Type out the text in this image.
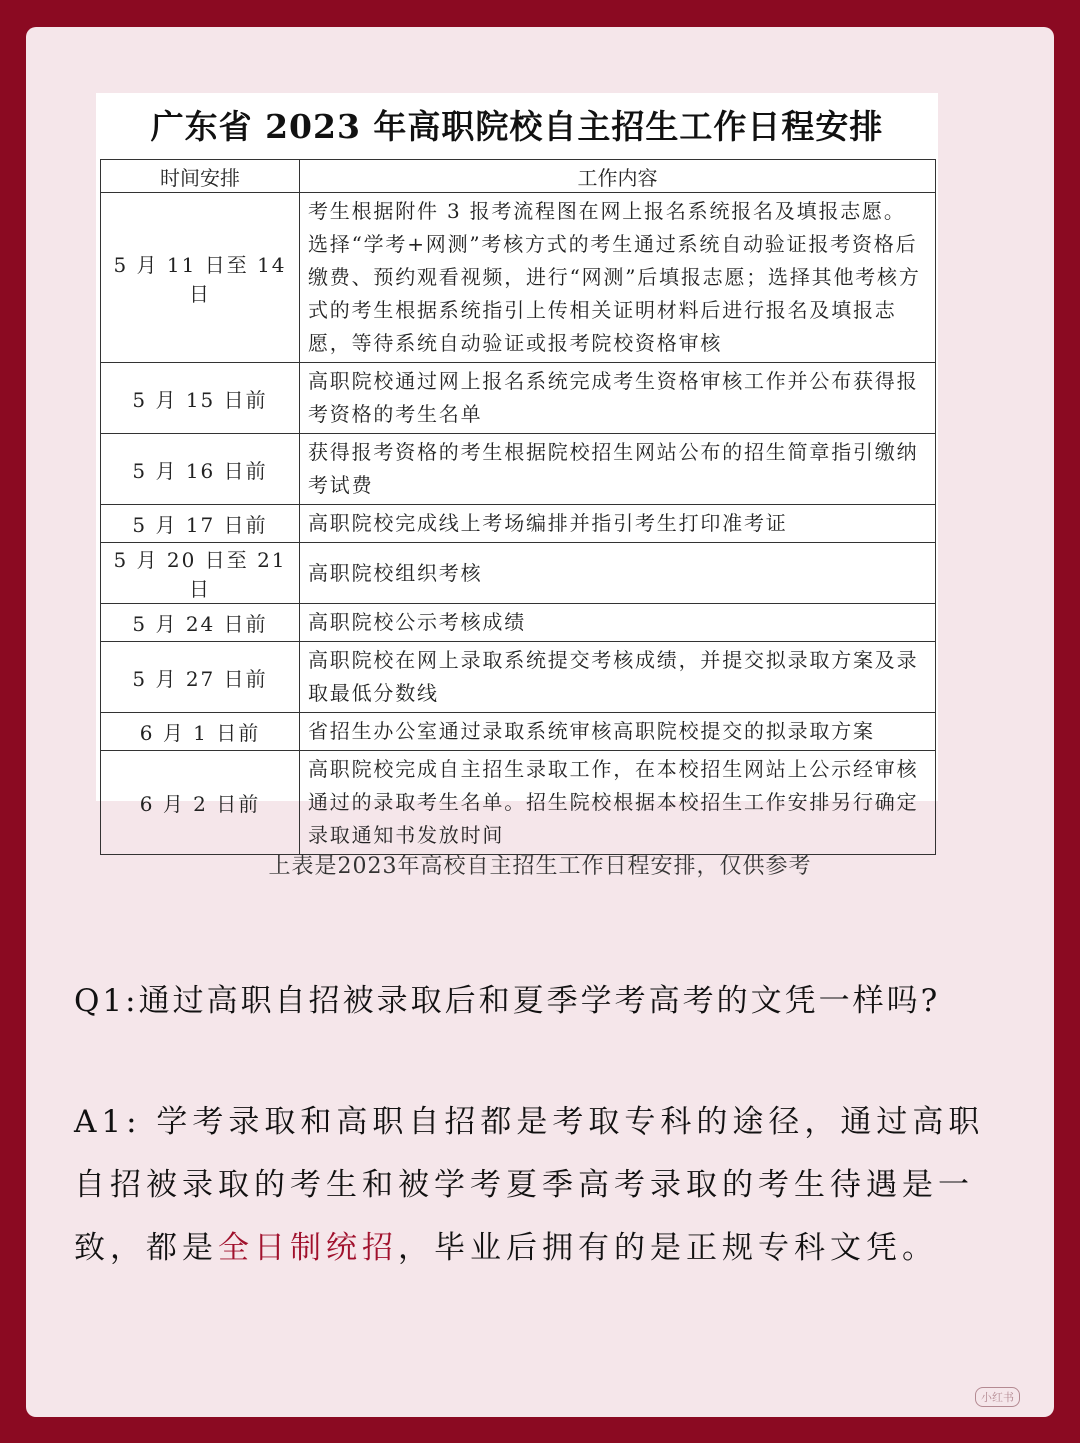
广东省 2023 年高职院校自主招生工作日程安排
时间安排	工作内容
5 月 11 日至 14 日	考生根据附件 3 报考流程图在网上报名系统报名及填报志愿。选择“学考+网测”考核方式的考生通过系统自动验证报考资格后缴费、预约观看视频，进行“网测”后填报志愿；选择其他考核方式的考生根据系统指引上传相关证明材料后进行报名及填报志愿，等待系统自动验证或报考院校资格审核
5 月 15 日前	高职院校通过网上报名系统完成考生资格审核工作并公布获得报考资格的考生名单
5 月 16 日前	获得报考资格的考生根据院校招生网站公布的招生简章指引缴纳考试费
5 月 17 日前	高职院校完成线上考场编排并指引考生打印准考证
5 月 20 日至 21 日	高职院校组织考核
5 月 24 日前	高职院校公示考核成绩
5 月 27 日前	高职院校在网上录取系统提交考核成绩，并提交拟录取方案及录取最低分数线
6 月 1 日前	省招生办公室通过录取系统审核高职院校提交的拟录取方案
6 月 2 日前	高职院校完成自主招生录取工作，在本校招生网站上公示经审核通过的录取考生名单。招生院校根据本校招生工作安排另行确定录取通知书发放时间
上表是2023年高校自主招生工作日程安排，仅供参考
Q1:通过高职自招被录取后和夏季学考高考的文凭一样吗?
A1: 学考录取和高职自招都是考取专科的途径，通过高职自招被录取的考生和被学考夏季高考录取的考生待遇是一致，都是全日制统招，毕业后拥有的是正规专科文凭。
小红书
